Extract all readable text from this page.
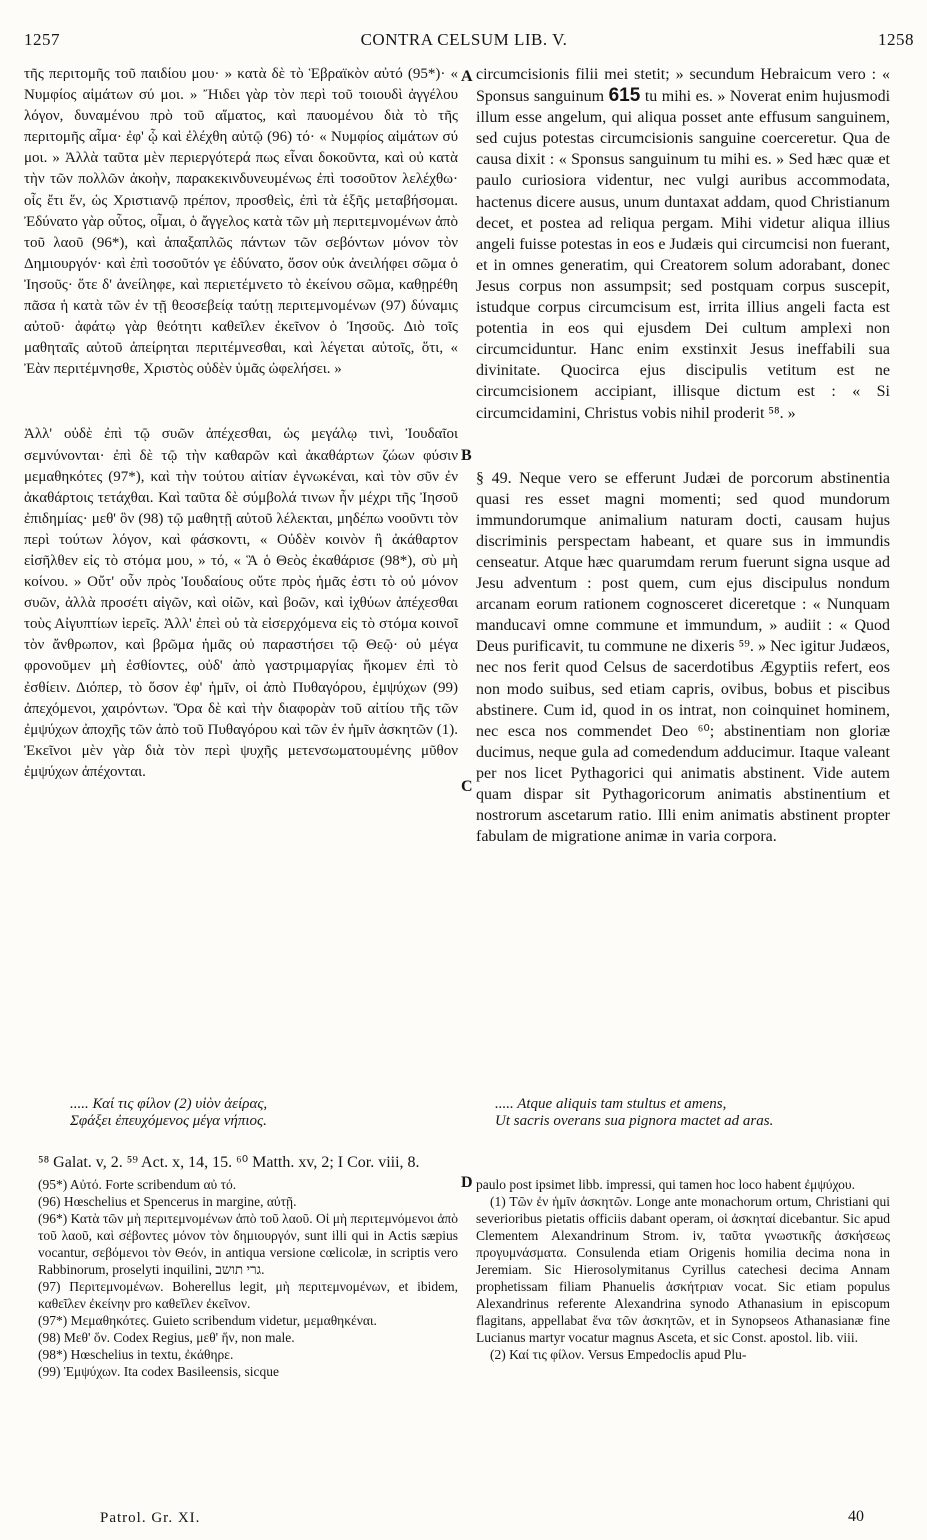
1257	CONTRA CELSUM LIB. V.	1258

τῆς περιτομῆς τοῦ παιδίου μου· » κατὰ δὲ τὸ Ἑβραϊκὸν αὐτό (95*)· « Νυμφίος αἱμάτων σύ μοι. » Ἤιδει γὰρ τὸν περὶ τοῦ τοιουδὶ ἀγγέλου λόγον, δυναμένου πρὸ τοῦ αἵματος, καὶ παυομένου διὰ τὸ τῆς περιτομῆς αἷμα· ἐφ' ᾧ καὶ ἐλέχθη αὐτῷ (96) τό· « Νυμφίος αἱμάτων σύ μοι. » Ἀλλὰ ταῦτα μὲν περιεργότερά πως εἶναι δοκοῦντα, καὶ οὐ κατὰ τὴν τῶν πολλῶν ἀκοὴν, παρακεκινδυνευμένως ἐπὶ τοσοῦτον λελέχθω· οἷς ἔτι ἕν, ὡς Χριστιανῷ πρέπον, προσθεὶς, ἐπὶ τὰ ἑξῆς μεταβήσομαι. Ἐδύνατο γὰρ οὗτος, οἶμαι, ὁ ἄγγελος κατὰ τῶν μὴ περιτεμνομένων ἀπὸ τοῦ λαοῦ (96*), καὶ ἁπαξαπλῶς πάντων τῶν σεβόντων μόνον τὸν Δημιουργόν· καὶ ἐπὶ τοσοῦτόν γε ἐδύνατο, ὅσον οὐκ ἀνειλήφει σῶμα ὁ Ἰησοῦς· ὅτε δ' ἀνείληφε, καὶ περιετέμνετο τὸ ἐκείνου σῶμα, καθῃρέθη πᾶσα ἡ κατὰ τῶν ἐν τῇ θεοσεβείᾳ ταύτῃ περιτεμνομένων (97) δύναμις αὐτοῦ· ἀφάτῳ γὰρ θεότητι καθεῖλεν ἐκεῖνον ὁ Ἰησοῦς. Διὸ τοῖς μαθηταῖς αὐτοῦ ἀπείρηται περιτέμνεσθαι, καὶ λέγεται αὐτοῖς, ὅτι, « Ἐὰν περιτέμνησθε, Χριστὸς οὐδὲν ὑμᾶς ὠφελήσει. »

Ἀλλ' οὐδὲ ἐπὶ τῷ συῶν ἀπέχεσθαι, ὡς μεγάλῳ τινὶ, Ἰουδαῖοι σεμνύνονται· ἐπὶ δὲ τῷ τὴν καθαρῶν καὶ ἀκαθάρτων ζώων φύσιν μεμαθηκότες (97*), καὶ τὴν τούτου αἰτίαν ἐγνωκέναι, καὶ τὸν σῦν ἐν ἀκαθάρτοις τετάχθαι. Καὶ ταῦτα δὲ σύμβολά τινων ἦν μέχρι τῆς Ἰησοῦ ἐπιδημίας· μεθ' ὃν (98) τῷ μαθητῇ αὐτοῦ λέλεκται, μηδέπω νοοῦντι τὸν περὶ τούτων λόγον, καὶ φάσκοντι, « Οὐδὲν κοινὸν ἢ ἀκάθαρτον εἰσῆλθεν εἰς τὸ στόμα μου, » τό, « Ἃ ὁ Θεὸς ἐκαθάρισε (98*), σὺ μὴ κοίνου. » Οὔτ' οὖν πρὸς Ἰουδαίους οὔτε πρὸς ἡμᾶς ἐστι τὸ οὐ μόνον συῶν, ἀλλὰ προσέτι αἰγῶν, καὶ οἰῶν, καὶ βοῶν, καὶ ἰχθύων ἀπέχεσθαι τοὺς Αἰγυπτίων ἱερεῖς. Ἀλλ' ἐπεὶ οὐ τὰ εἰσερχόμενα εἰς τὸ στόμα κοινοῖ τὸν ἄνθρωπον, καὶ βρῶμα ἡμᾶς οὐ παραστήσει τῷ Θεῷ· οὐ μέγα φρονοῦμεν μὴ ἐσθίοντες, οὐδ' ἀπὸ γαστριμαργίας ἥκομεν ἐπὶ τὸ ἐσθίειν. Διόπερ, τὸ ὅσον ἐφ' ἡμῖν, οἱ ἀπὸ Πυθαγόρου, ἐμψύχων (99) ἀπεχόμενοι, χαιρόντων. Ὅρα δὲ καὶ τὴν διαφορὰν τοῦ αἰτίου τῆς τῶν ἐμψύχων ἀποχῆς τῶν ἀπὸ τοῦ Πυθαγόρου καὶ τῶν ἐν ἡμῖν ἀσκητῶν (1). Ἐκεῖνοι μὲν γὰρ διὰ τὸν περὶ ψυχῆς μετενσωματουμένης μῦθον ἐμψύχων ἀπέχονται.

circumcisionis filii mei stetit; » secundum Hebraicum vero : « Sponsus sanguinum 615 tu mihi es. » Noverat enim hujusmodi illum esse angelum, qui aliqua posset ante effusum sanguinem, sed cujus potestas circumcisionis sanguine coerceretur. Qua de causa dixit : « Sponsus sanguinum tu mihi es. » Sed hæc quæ et paulo curiosiora videntur, nec vulgi auribus accommodata, hactenus dicere ausus, unum duntaxat addam, quod Christianum decet, et postea ad reliqua pergam. Mihi videtur aliqua illius angeli fuisse potestas in eos e Judæis qui circumcisi non fuerant, et in omnes generatim, qui Creatorem solum adorabant, donec Jesus corpus non assumpsit; sed postquam corpus suscepit, istudque corpus circumcisum est, irrita illius angeli facta est potentia in eos qui ejusdem Dei cultum amplexi non circumciduntur. Hanc enim exstinxit Jesus ineffabili sua divinitate. Quocirca ejus discipulis vetitum est ne circumcisionem accipiant, illisque dictum est : « Si circumcidamini, Christus vobis nihil proderit ⁵⁸. »

§ 49. Neque vero se efferunt Judæi de porcorum abstinentia quasi res esset magni momenti; sed quod mundorum immundorumque animalium naturam docti, causam hujus discriminis perspectam habeant, et quare sus in immundis censeatur. Atque hæc quarumdam rerum fuerunt signa usque ad Jesu adventum : post quem, cum ejus discipulus nondum arcanam eorum rationem cognosceret diceretque : « Nunquam manducavi omne commune et immundum, » audiit : « Quod Deus purificavit, tu commune ne dixeris ⁵⁹. » Nec igitur Judæos, nec nos ferit quod Celsus de sacerdotibus Ægyptiis refert, eos non modo suibus, sed etiam capris, ovibus, bobus et piscibus abstinere. Cum id, quod in os intrat, non coinquinet hominem, nec esca nos commendet Deo ⁶⁰; abstinentiam non gloriæ ducimus, neque gula ad comedendum adducimur. Itaque valeant per nos licet Pythagorici qui animatis abstinent. Vide autem quam dispar sit Pythagoricorum animatis abstinentium et nostrorum ascetarum ratio. Illi enim animatis abstinent propter fabulam de migratione animæ in varia corpora.

A
B
C
D
..... Καί τις φίλον (2) υἱὸν ἀείρας,
Σφάξει ἐπευχόμενος μέγα νήπιος.
..... Atque aliquis tam stultus et amens,
Ut sacris overans sua pignora mactet ad aras.
⁵⁸ Galat. v, 2. ⁵⁹ Act. x, 14, 15. ⁶⁰ Matth. xv, 2; I Cor. viii, 8.

(95*) Αὐτό. Forte scribendum αὐ τό.

(96) Hœschelius et Spencerus in margine, αὐτῇ.

(96*) Κατὰ τῶν μὴ περιτεμνομένων ἀπὸ τοῦ λαοῦ. Οἱ μὴ περιτεμνόμενοι ἀπὸ τοῦ λαοῦ, καὶ σέβοντες μόνον τὸν δημιουργόν, sunt illi qui in Actis sæpius vocantur, σεβόμενοι τὸν Θεόν, in antiqua versione cœlicolæ, in scriptis vero Rabbinorum, proselyti inquilini, גרי תושב.

(97) Περιτεμνομένων. Boherellus legit, μὴ περιτεμνομένων, et ibidem, καθεῖλεν ἐκείνην pro καθεῖλεν ἐκεῖνον.

(97*) Μεμαθηκότες. Guieto scribendum videtur, μεμαθηκέναι.

(98) Μεθ' ὅν. Codex Regius, μεθ' ἥν, non male.

(98*) Hœschelius in textu, ἐκάθηρε.

(99) Ἐμψύχων. Ita codex Basileensis, sicque

paulo post ipsimet libb. impressi, qui tamen hoc loco habent ἐμψύχου.

(1) Τῶν ἐν ἡμῖν ἀσκητῶν. Longe ante monachorum ortum, Christiani qui severioribus pietatis officiis dabant operam, οἱ ἀσκηταί dicebantur. Sic apud Clementem Alexandrinum Strom. iv, ταῦτα γνωστικῆς ἀσκήσεως προγυμνάσματα. Consulenda etiam Origenis homilia decima nona in Jeremiam. Sic Hierosolymitanus Cyrillus catechesi decima Annam prophetissam filiam Phanuelis ἀσκήτριαν vocat. Sic etiam populus Alexandrinus referente Alexandrina synodo Athanasium in episcopum flagitans, appellabat ἕνα τῶν ἀσκητῶν, et in Synopseos Athanasianæ fine Lucianus martyr vocatur magnus Asceta, et sic Const. apostol. lib. viii.

(2) Καί τις φίλον. Versus Empedoclis apud Plu-

Patrol. Gr. XI.	40
